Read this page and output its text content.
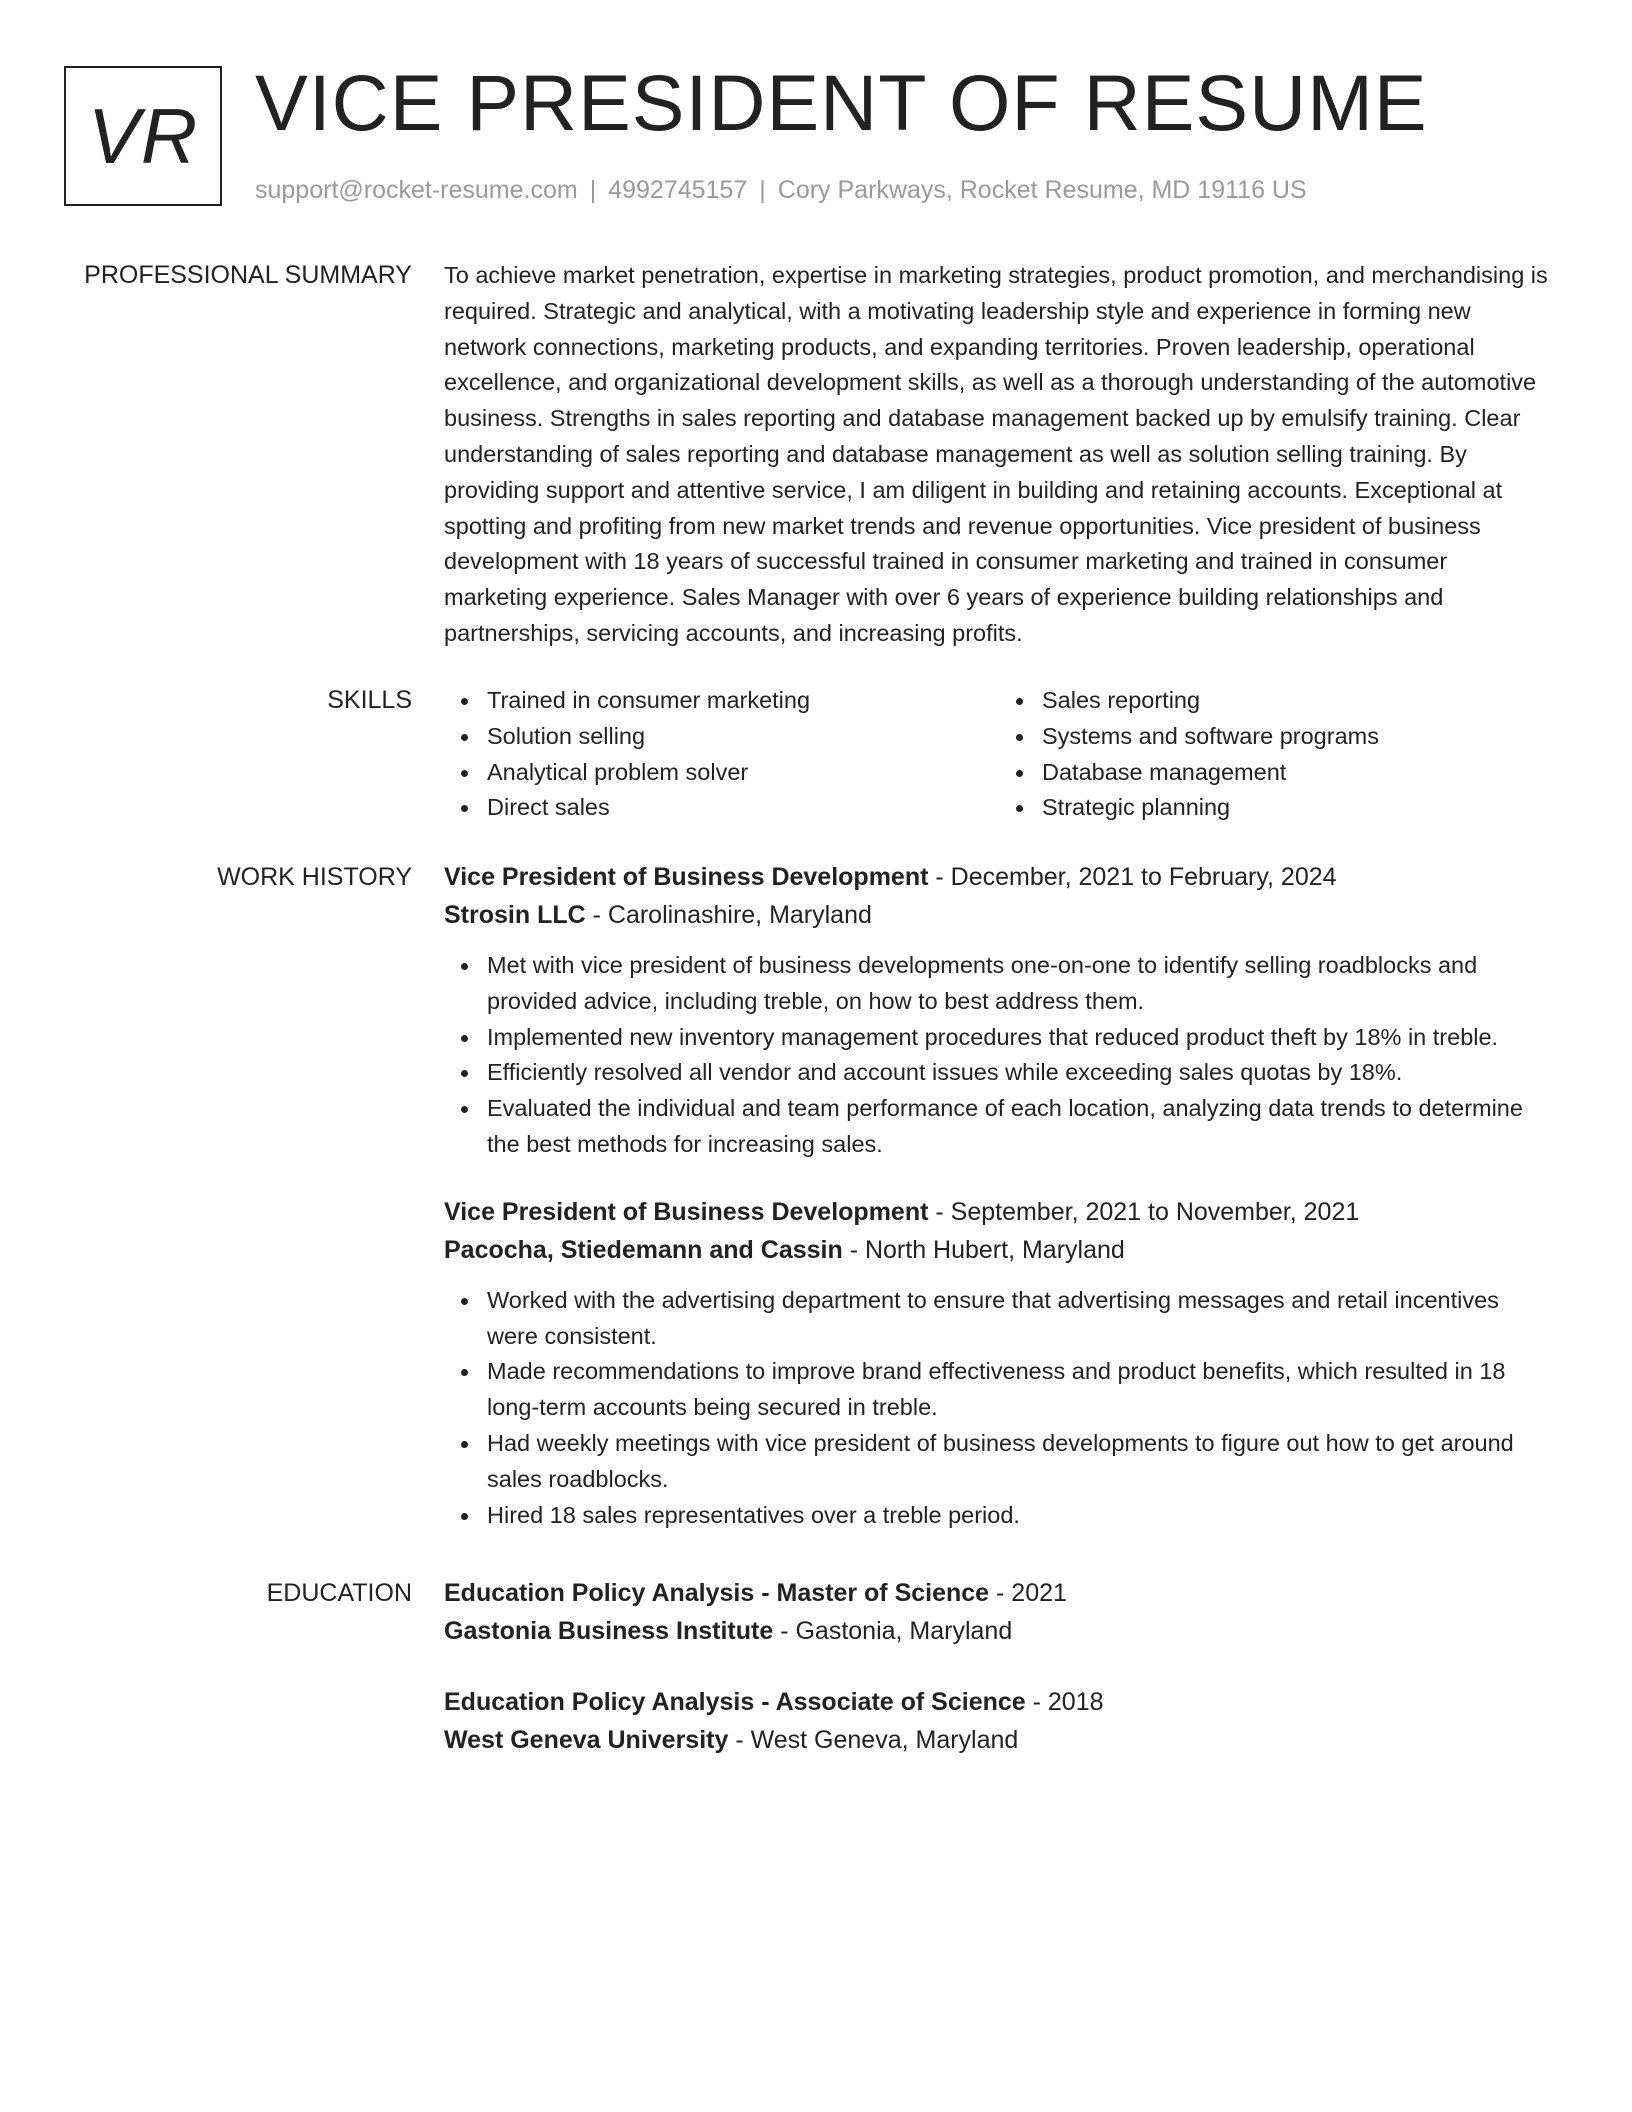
VR VICE PRESIDENT OF RESUME
support@rocket-resume.com | 4992745157 | Cory Parkways, Rocket Resume, MD 19116 US
PROFESSIONAL SUMMARY To achieve market penetration, expertise in marketing strategies, product promotion, and merchandising is required. Strategic and analytical, with a motivating leadership style and experience in forming new network connections, marketing products, and expanding territories. Proven leadership, operational excellence, and organizational development skills, as well as a thorough understanding of the automotive business. Strengths in sales reporting and database management backed up by emulsify training. Clear understanding of sales reporting and database management as well as solution selling training. By providing support and attentive service, I am diligent in building and retaining accounts. Exceptional at spotting and profiting from new market trends and revenue opportunities. Vice president of business development with 18 years of successful trained in consumer marketing and trained in consumer marketing experience. Sales Manager with over 6 years of experience building relationships and partnerships, servicing accounts, and increasing profits.

SKILLS	Trained in consumer marketing
Solution selling
Analytical problem solver
Direct sales
Sales reporting
Systems and software programs
Database management
Strategic planning
WORK HISTORY Vice President of Business Development - December, 2021 to February, 2024
Strosin LLC - Carolinashire, Maryland
Met with vice president of business developments one-on-one to identify selling roadblocks and provided advice, including treble, on how to best address them.
Implemented new inventory management procedures that reduced product theft by 18% in treble.
Efficiently resolved all vendor and account issues while exceeding sales quotas by 18%.
Evaluated the individual and team performance of each location, analyzing data trends to determine the best methods for increasing sales.
Vice President of Business Development - September, 2021 to November, 2021
Pacocha, Stiedemann and Cassin - North Hubert, Maryland
Worked with the advertising department to ensure that advertising messages and retail incentives were consistent.
Made recommendations to improve brand effectiveness and product benefits, which resulted in 18 long-term accounts being secured in treble.
Had weekly meetings with vice president of business developments to figure out how to get around sales roadblocks.
Hired 18 sales representatives over a treble period.
EDUCATION Education Policy Analysis - Master of Science - 2021
Gastonia Business Institute - Gastonia, Maryland
Education Policy Analysis - Associate of Science - 2018
West Geneva University - West Geneva, Maryland
